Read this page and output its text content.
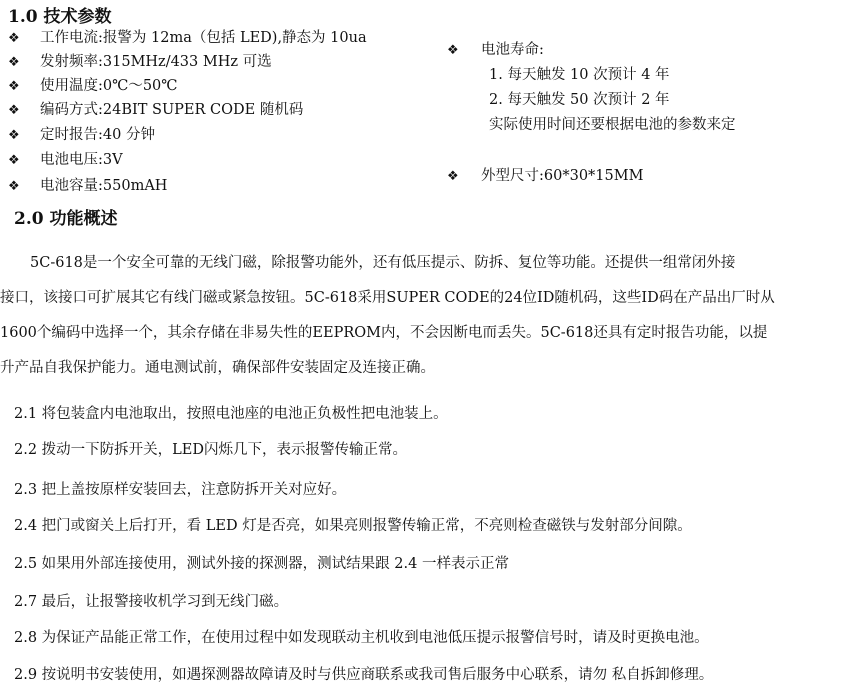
1.0 技术参数
❖ 工作电流:报警为 12ma（包括 LED),静态为 10ua
❖ 发射频率:315MHz/433 MHz 可选
❖ 使用温度:0℃～50℃
❖ 编码方式:24BIT SUPER CODE 随机码
❖ 定时报告:40 分钟
❖ 电池电压:3V
❖ 电池容量:550mAH
❖ 电池寿命:
1. 每天触发 10 次预计 4 年
2. 每天触发 50 次预计 2 年
实际使用时间还要根据电池的参数来定
❖ 外型尺寸:60*30*15MM
2.0 功能概述
5C-618是一个安全可靠的无线门磁，除报警功能外，还有低压提示、防拆、复位等功能。还提供一组常闭外接
接口，该接口可扩展其它有线门磁或紧急按钮。5C-618采用SUPER CODE的24位ID随机码，这些ID码在产品出厂时从
1600个编码中选择一个，其余存储在非易失性的EEPROM内，不会因断电而丢失。5C-618还具有定时报告功能，以提
升产品自我保护能力。通电测试前，确保部件安装固定及连接正确。
2.1 将包装盒内电池取出，按照电池座的电池正负极性把电池装上。
2.2 拨动一下防拆开关，LED闪烁几下，表示报警传输正常。
2.3 把上盖按原样安装回去，注意防拆开关对应好。
2.4 把门或窗关上后打开，看 LED 灯是否亮，如果亮则报警传输正常，不亮则检查磁铁与发射部分间隙。
2.5 如果用外部连接使用，测试外接的探测器，测试结果跟 2.4 一样表示正常
2.7 最后，让报警接收机学习到无线门磁。
2.8 为保证产品能正常工作，在使用过程中如发现联动主机收到电池低压提示报警信号时，请及时更换电池。
2.9 按说明书安装使用，如遇探测器故障请及时与供应商联系或我司售后服务中心联系，请勿 私自拆卸修理。
